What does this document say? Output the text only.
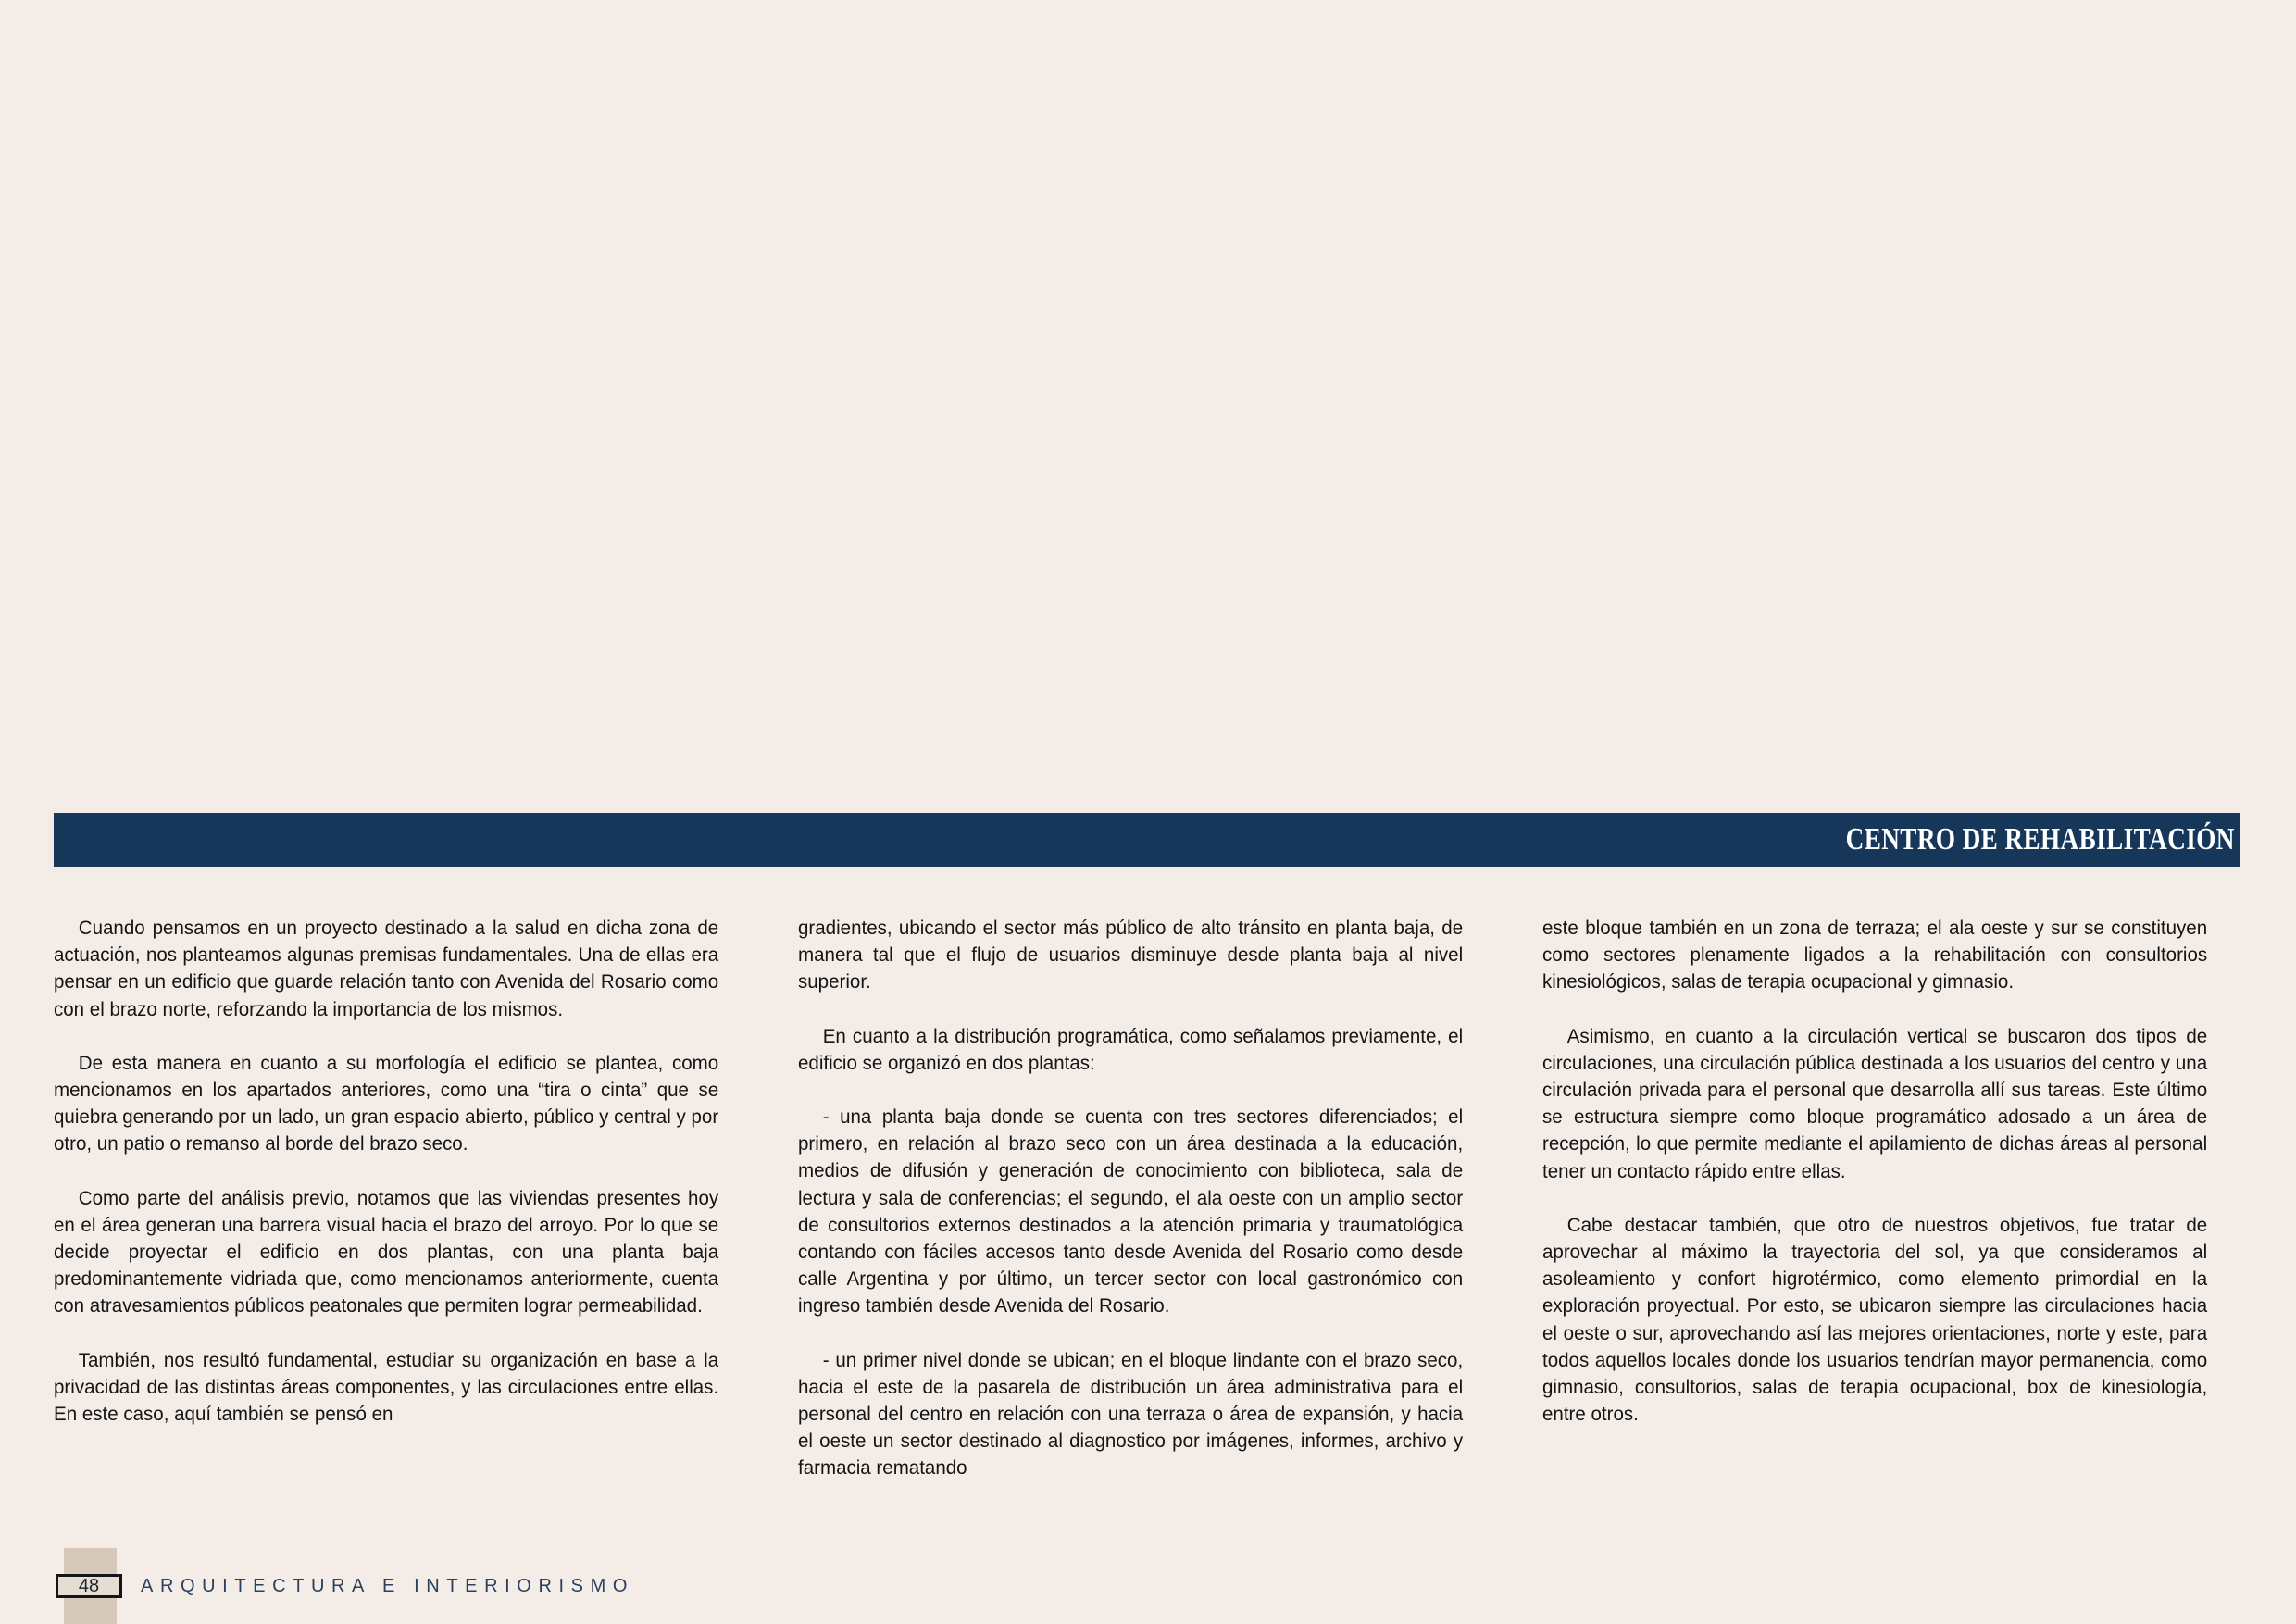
CENTRO DE REHABILITACIÓN

Cuando pensamos en un proyecto destinado a la salud en dicha zona de actuación, nos planteamos algunas premisas fundamentales. Una de ellas era pensar en un edificio que guarde relación tanto con Avenida del Rosario como con el brazo norte, reforzando la importancia de los mismos.

De esta manera en cuanto a su morfología el edificio se plantea, como mencionamos en los apartados anteriores, como una “tira o cinta” que se quiebra generando por un lado, un gran espacio abierto, público y central y por otro, un patio o remanso al borde del brazo seco.

Como parte del análisis previo, notamos que las viviendas presentes hoy en el área generan una barrera visual hacia el brazo del arroyo. Por lo que se decide proyectar el edificio en dos plantas, con una planta baja predominantemente vidriada que, como mencionamos anteriormente, cuenta con atravesamientos públicos peatonales que permiten lograr permeabilidad.

También, nos resultó fundamental, estudiar su organización en base a la privacidad de las distintas áreas componentes, y las circulaciones entre ellas. En este caso, aquí también se pensó en

gradientes, ubicando el sector más público de alto tránsito en planta baja, de manera tal que el flujo de usuarios disminuye desde planta baja al nivel superior.

En cuanto a la distribución programática, como señalamos previamente, el edificio se organizó en dos plantas:

- una planta baja donde se cuenta con tres sectores diferenciados; el primero, en relación al brazo seco con un área destinada a la educación, medios de difusión y generación de conocimiento con biblioteca, sala de lectura y sala de conferencias; el segundo, el ala oeste con un amplio sector de consultorios externos destinados a la atención primaria y traumatológica contando con fáciles accesos tanto desde Avenida del Rosario como desde calle Argentina y por último, un tercer sector con local gastronómico con ingreso también desde Avenida del Rosario.

- un primer nivel donde se ubican; en el bloque lindante con el brazo seco, hacia el este de la pasarela de distribución un área administrativa para el personal del centro en relación con una terraza o área de expansión, y hacia el oeste un sector destinado al diagnostico por imágenes, informes, archivo y farmacia rematando

este bloque también en un zona de terraza; el ala oeste y sur se constituyen como sectores plenamente ligados a la rehabilitación con consultorios kinesiológicos, salas de terapia ocupacional y gimnasio.

Asimismo, en cuanto a la circulación vertical se buscaron dos tipos de circulaciones, una circulación pública destinada a los usuarios del centro y una circulación privada para el personal que desarrolla allí sus tareas. Este último se estructura siempre como bloque programático adosado a un área de recepción, lo que permite mediante el apilamiento de dichas áreas al personal tener un contacto rápido entre ellas.

Cabe destacar también, que otro de nuestros objetivos, fue tratar de aprovechar al máximo la trayectoria del sol, ya que consideramos al asoleamiento y confort higrotérmico, como elemento primordial en la exploración proyectual. Por esto, se ubicaron siempre las circulaciones hacia el oeste o sur, aprovechando así las mejores orientaciones, norte y este, para todos aquellos locales donde los usuarios tendrían mayor permanencia, como gimnasio, consultorios, salas de terapia ocupacional, box de kinesiología, entre otros.

48 ARQUITECTURA E INTERIORISMO
